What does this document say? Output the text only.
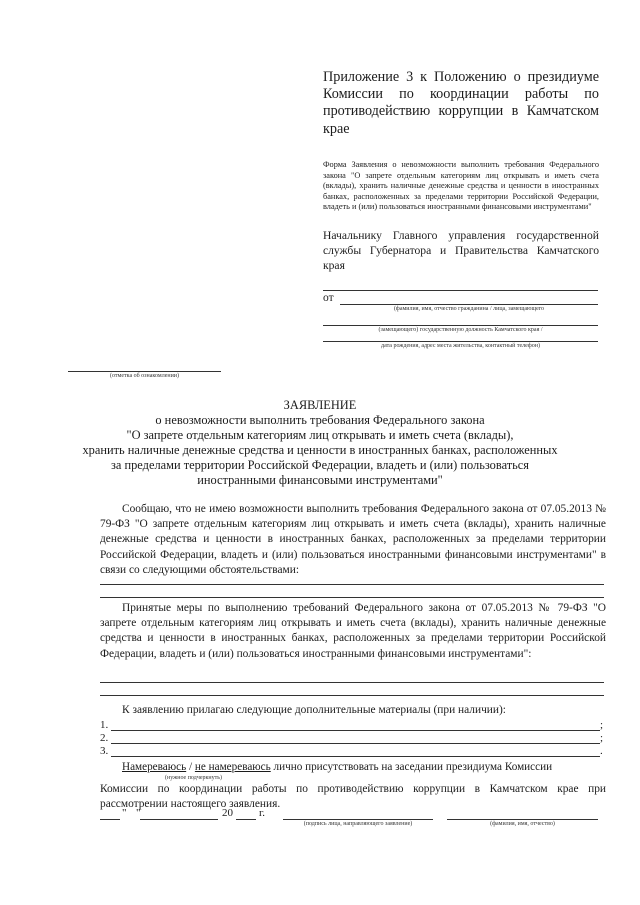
Приложение 3 к Положению о президиуме Комиссии по координации работы по противодействию коррупции в Камчатском крае
Форма Заявления о невозможности выполнить требования Федерального закона "О запрете отдельным категориям лиц открывать и иметь счета (вклады), хранить наличные денежные средства и ценности в иностранных банках, расположенных за пределами территории Российской Федерации, владеть и (или) пользоваться иностранными финансовыми инструментами"
Начальнику Главного управления государственной службы Губернатора и Правительства Камчатского края
от
(фамилия, имя, отчество гражданина / лица, замещающего
(замещающего) государственную должность Камчатского края /
дата рождения, адрес места жительства, контактный телефон)
(отметка об ознакомлении)
ЗАЯВЛЕНИЕ
о невозможности выполнить требования Федерального закона
"О запрете отдельным категориям лиц открывать и иметь счета (вклады),
хранить наличные денежные средства и ценности в иностранных банках, расположенных
за пределами территории Российской Федерации, владеть и (или) пользоваться
иностранными финансовыми инструментами"
Сообщаю, что не имею возможности выполнить требования Федерального закона от 07.05.2013 № 79-ФЗ "О запрете отдельным категориям лиц открывать и иметь счета (вклады), хранить наличные денежные средства и ценности в иностранных банках, расположенных за пределами территории Российской Федерации, владеть и (или) пользоваться иностранными финансовыми инструментами" в связи со следующими обстоятельствами:
Принятые меры по выполнению требований Федерального закона от 07.05.2013 № 79-ФЗ "О запрете отдельным категориям лиц открывать и иметь счета (вклады), хранить наличные денежные средства и ценности в иностранных банках, расположенных за пределами территории Российской Федерации, владеть и (или) пользоваться иностранными финансовыми инструментами":
К заявлению прилагаю следующие дополнительные материалы (при наличии):
1.	;
2.	;
3.	.
Намереваюсь / не намереваюсь лично присутствовать на заседании президиума Комиссии
(нужное подчеркнуть)
Комиссии по координации работы по противодействию коррупции в Камчатском крае при рассмотрении настоящего заявления.
" "	20 г.
(подпись лица, направляющего заявление)	(фамилия, имя, отчество)
